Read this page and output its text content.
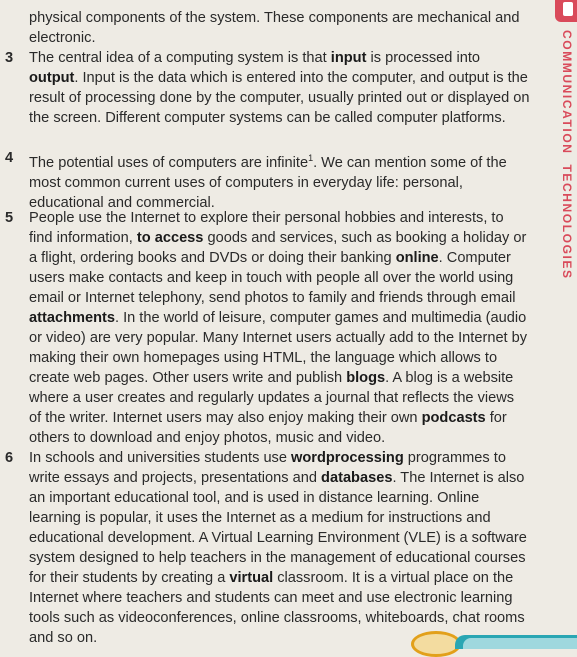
physical components of the system. These components are mechanical and electronic.

3	The central idea of a computing system is that input is processed into output. Input is the data which is entered into the computer, and output is the result of processing done by the computer, usually printed out or displayed on the screen. Different computer systems can be called computer platforms.
4	The potential uses of computers are infinite$^1$. We can mention some of the most common current uses of computers in everyday life: personal, educational and commercial.
5	People use the Internet to explore their personal hobbies and interests, to find information, to access goods and services, such as booking a holiday or a flight, ordering books and DVDs or doing their banking online. Computer users make contacts and keep in touch with people all over the world using email or Internet telephony, send photos to family and friends through email attachments. In the world of leisure, computer games and multimedia (audio or video) are very popular. Many Internet users actually add to the Internet by making their own homepages using HTML, the language which allows to create web pages. Other users write and publish blogs. A blog is a website where a user creates and regularly updates a journal that reflects the views of the writer. Internet users may also enjoy making their own podcasts for others to download and enjoy photos, music and video.
6	In schools and universities students use wordprocessing programmes to write essays and projects, presentations and databases. The Internet is also an important educational tool, and is used in distance learning. Online learning is popular, it uses the Internet as a medium for instructions and educational development. A Virtual Learning Environment (VLE) is a software system designed to help teachers in the management of educational courses for their students by creating a virtual classroom. It is a virtual place on the Internet where teachers and students can meet and use electronic learning tools such as videoconferences, online classrooms, whiteboards, chat rooms and so on.
COMMUNICATION  TECHNOLOGIES
